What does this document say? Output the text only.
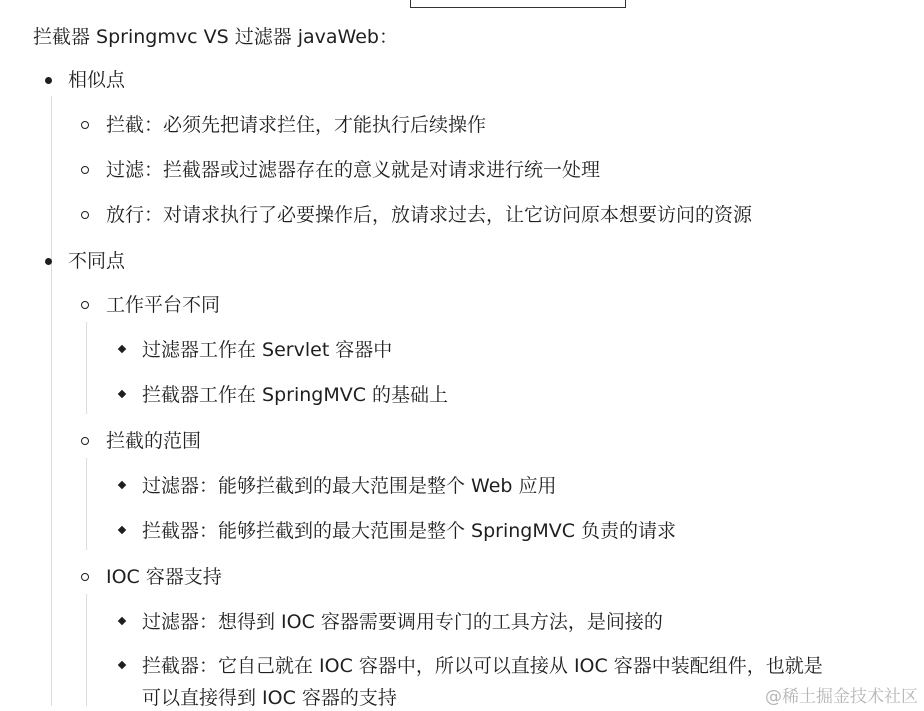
拦截器 Springmvc VS 过滤器 javaWeb：
相似点
拦截：必须先把请求拦住，才能执行后续操作
过滤：拦截器或过滤器存在的意义就是对请求进行统一处理
放行：对请求执行了必要操作后，放请求过去，让它访问原本想要访问的资源
不同点
工作平台不同
过滤器工作在 Servlet 容器中
拦截器工作在 SpringMVC 的基础上
拦截的范围
过滤器：能够拦截到的最大范围是整个 Web 应用
拦截器：能够拦截到的最大范围是整个 SpringMVC 负责的请求
IOC 容器支持
过滤器：想得到 IOC 容器需要调用专门的工具方法，是间接的
拦截器：它自己就在 IOC 容器中，所以可以直接从 IOC 容器中装配组件，也就是
可以直接得到 IOC 容器的支持	@稀土掘金技术社区
